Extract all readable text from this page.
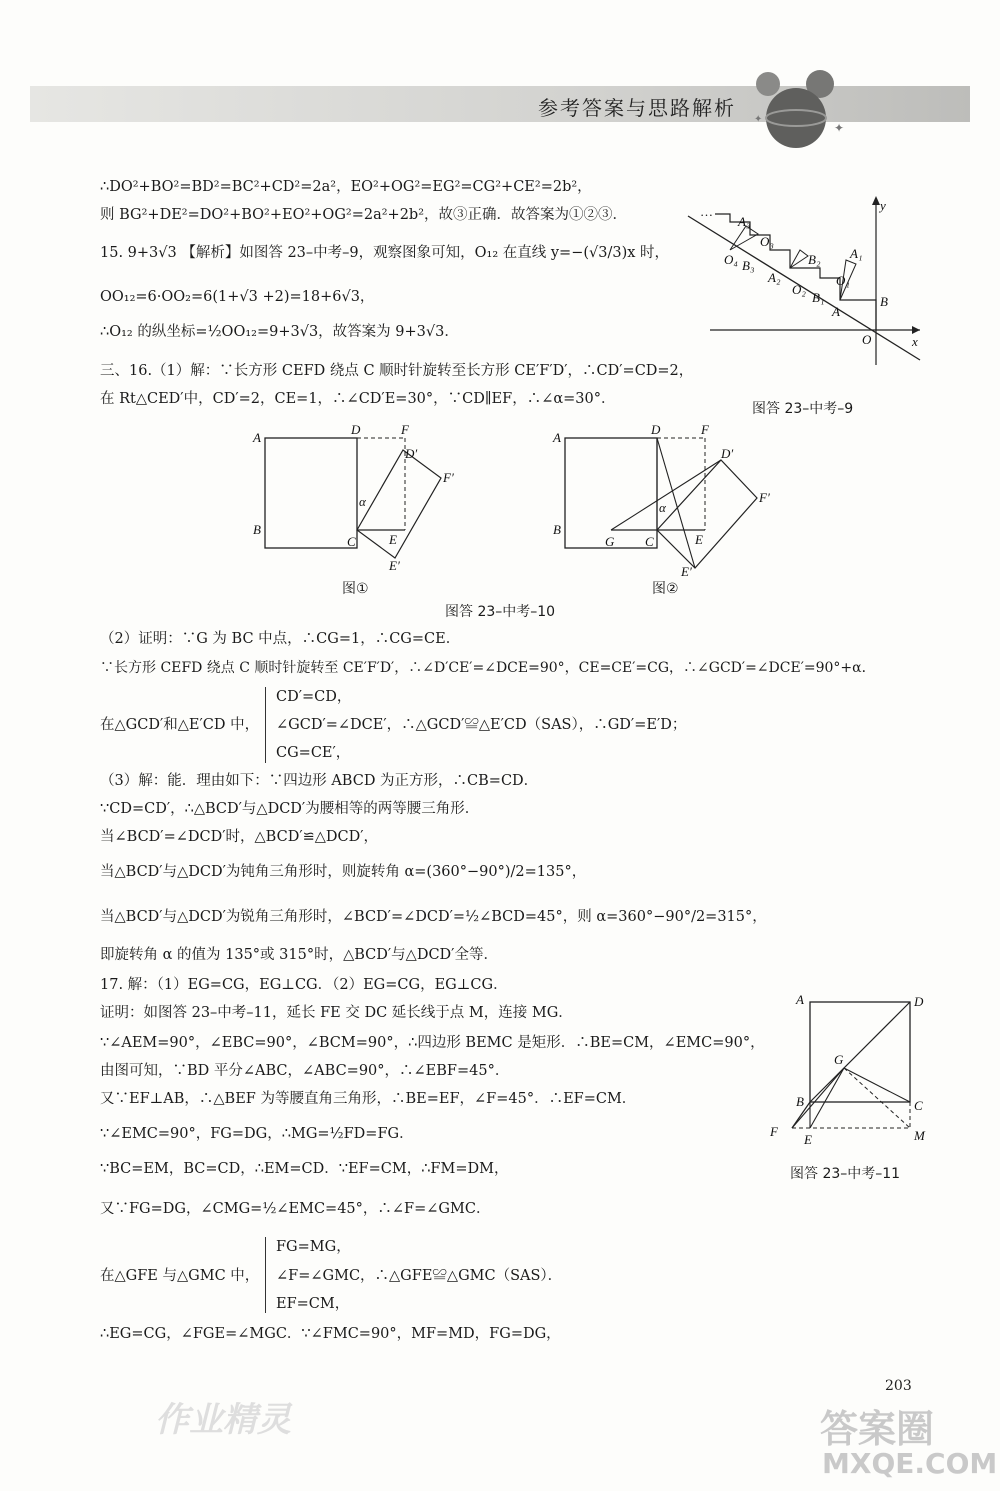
参考答案与思路解析
✦
✦
∴DO²+BO²=BD²=BC²+CD²=2a²，EO²+OG²=EG²=CG²+CE²=2b²，
则 BG²+DE²=DO²+BO²+EO²+OG²=2a²+2b²，故③正确．故答案为①②③．
15. 9+3√3 【解析】如图答 23–中考–9，观察图象可知，O₁₂ 在直线 y=−(√3/3)x 时，
OO₁₂=6·OO₂=6(1+√3 +2)=18+6√3，
∴O₁₂ 的纵坐标=½OO₁₂=9+3√3，故答案为 9+3√3．
三、16.（1）解：∵长方形 CEFD 绕点 C 顺时针旋转至长方形 CE′F′D′，∴CD′=CD=2，
在 Rt△CED′中，CD′=2，CE=1，∴∠CD′E=30°，∵CD∥EF，∴∠α=30°．
（2）证明：∵G 为 BC 中点，∴CG=1，∴CG=CE．
∵长方形 CEFD 绕点 C 顺时针旋转至 CE′F′D′，∴∠D′CE′=∠DCE=90°，CE=CE′=CG，∴∠GCD′=∠DCE′=90°+α．
CD′=CD，
在△GCD′和△E′CD 中， ∠GCD′=∠DCE′，∴△GCD′≌△E′CD（SAS），∴GD′=E′D；
CG=CE′，
（3）解：能．理由如下：∵四边形 ABCD 为正方形，∴CB=CD．
∵CD=CD′，∴△BCD′与△DCD′为腰相等的两等腰三角形．
当∠BCD′=∠DCD′时，△BCD′≌△DCD′，
当△BCD′与△DCD′为钝角三角形时，则旋转角 α=(360°−90°)/2=135°，
当△BCD′与△DCD′为锐角三角形时，∠BCD′=∠DCD′=½∠BCD=45°，则 α=360°−90°/2=315°，
即旋转角 α 的值为 135°或 315°时，△BCD′与△DCD′全等．
17. 解：（1）EG=CG，EG⊥CG．（2）EG=CG，EG⊥CG．
证明：如图答 23–中考–11，延长 FE 交 DC 延长线于点 M，连接 MG．
∵∠AEM=90°，∠EBC=90°，∠BCM=90°，∴四边形 BEMC 是矩形．∴BE=CM，∠EMC=90°，
由图可知，∵BD 平分∠ABC，∠ABC=90°，∴∠EBF=45°．
又∵EF⊥AB，∴△BEF 为等腰直角三角形，∴BE=EF，∠F=45°．∴EF=CM．
∵∠EMC=90°，FG=DG，∴MG=½FD=FG．
∵BC=EM，BC=CD，∴EM=CD．∵EF=CM，∴FM=DM，
又∵FG=DG，∠CMG=½∠EMC=45°，∴∠F=∠GMC．
FG=MG，
在△GFE 与△GMC 中， ∠F=∠GMC，∴△GFE≌△GMC（SAS）．
EF=CM，
∴EG=CG，∠FGE=∠MGC．∵∠FMC=90°，MF=MD，FG=DG，
…	y
x
O
A
B
A₁
O₁
B₁
O₂
B₂
A₂
B₃
O₄
A₃
O₃
图答 23–中考–9
A
B
C
D
E
F
D′
F′
E′
α
图①
A
B
C
D
E
F
G
D′
F′
E′
α
图②
图答 23–中考–10
A	D
B	C
F
E	M
G
图答 23–中考–11
203
作业精灵	答案圈
MXQE.COM
